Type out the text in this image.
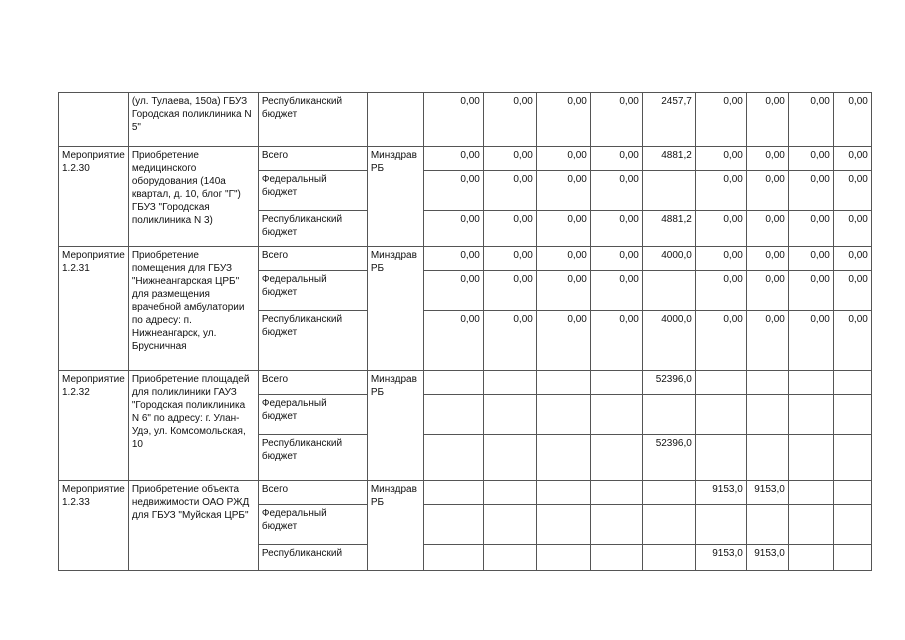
	(ул. Тулаева, 150а) ГБУЗ Городская поликлиника N 5"	Республиканский бюджет		0,00	0,00	0,00	0,00	2457,7	0,00	0,00	0,00	0,00
Мероприятие 1.2.30	Приобретение медицинского оборудования (140а квартал, д. 10, блог "Г") ГБУЗ "Городская поликлиника N 3)	Всего	Минздрав РБ	0,00	0,00	0,00	0,00	4881,2	0,00	0,00	0,00	0,00
		Федеральный бюджет		0,00	0,00	0,00	0,00		0,00	0,00	0,00	0,00
		Республиканский бюджет		0,00	0,00	0,00	0,00	4881,2	0,00	0,00	0,00	0,00
Мероприятие 1.2.31	Приобретение помещения для ГБУЗ "Нижнеангарская ЦРБ" для размещения врачебной амбулатории по адресу: п. Нижнеангарск, ул. Брусничная	Всего	Минздрав РБ	0,00	0,00	0,00	0,00	4000,0	0,00	0,00	0,00	0,00
		Федеральный бюджет		0,00	0,00	0,00	0,00		0,00	0,00	0,00	0,00
		Республиканский бюджет		0,00	0,00	0,00	0,00	4000,0	0,00	0,00	0,00	0,00
Мероприятие 1.2.32	Приобретение площадей для поликлиники ГАУЗ "Городская поликлиника N 6" по адресу: г. Улан-Удэ, ул. Комсомольская, 10	Всего	Минздрав РБ					52396,0				
		Федеральный бюджет										
		Республиканский бюджет						52396,0				
Мероприятие 1.2.33	Приобретение объекта недвижимости ОАО РЖД для ГБУЗ "Муйская ЦРБ"	Всего	Минздрав РБ						9153,0	9153,0		
		Федеральный бюджет										
		Республиканский							9153,0	9153,0		
